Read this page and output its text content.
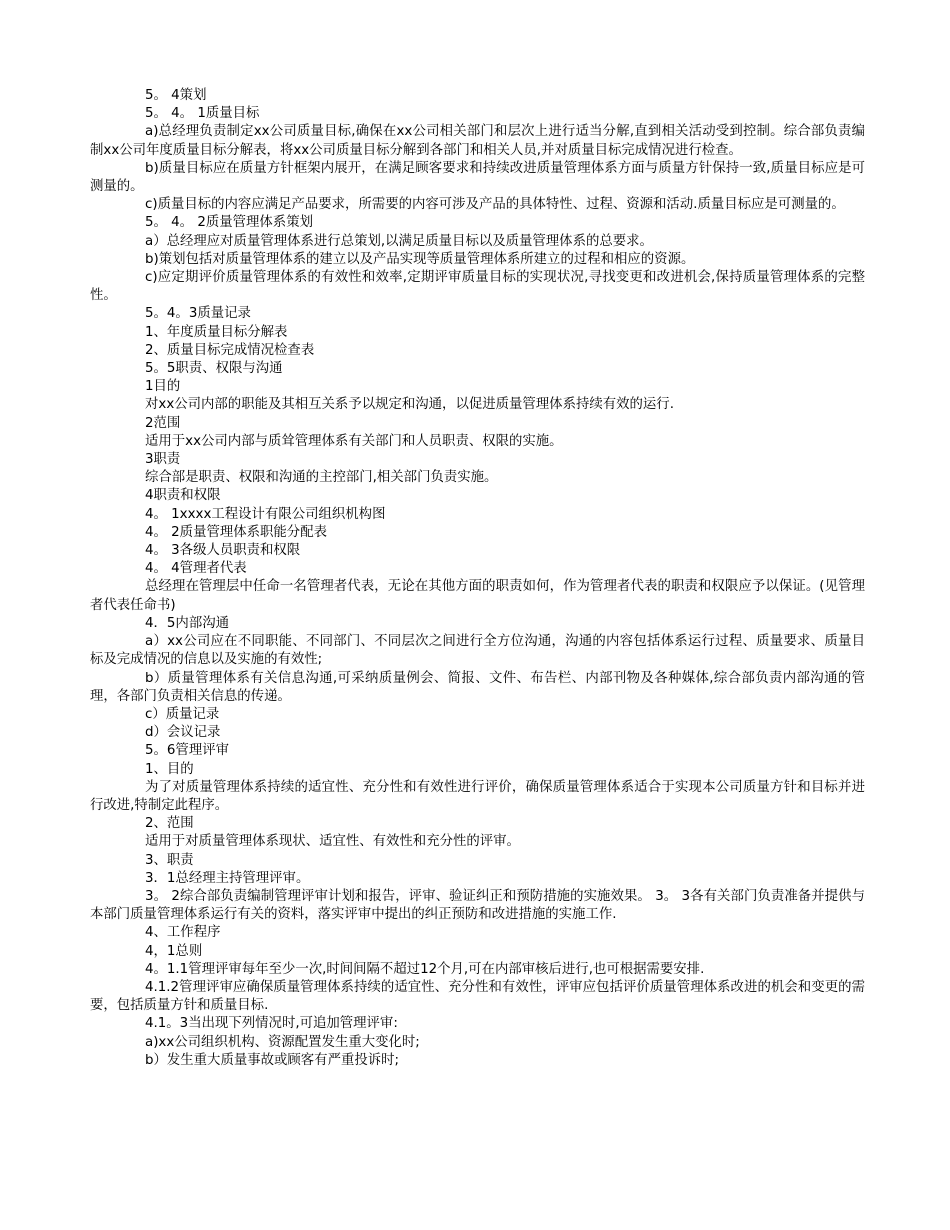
5。 4策划

5。 4。 1质量目标

a)总经理负责制定xx公司质量目标,确保在xx公司相关部门和层次上进行适当分解,直到相关活动受到控制。综合部负责编制xx公司年度质量目标分解表，将xx公司质量目标分解到各部门和相关人员,并对质量目标完成情况进行检查。

b)质量目标应在质量方针框架内展开，在满足顾客要求和持续改进质量管理体系方面与质量方针保持一致,质量目标应是可测量的。

c)质量目标的内容应满足产品要求，所需要的内容可涉及产品的具体特性、过程、资源和活动.质量目标应是可测量的。

5。 4。 2质量管理体系策划

a）总经理应对质量管理体系进行总策划,以满足质量目标以及质量管理体系的总要求。

b)策划包括对质量管理体系的建立以及产品实现等质量管理体系所建立的过程和相应的资源。

c)应定期评价质量管理体系的有效性和效率,定期评审质量目标的实现状况,寻找变更和改进机会,保持质量管理体系的完整性。

5。4。3质量记录

1、年度质量目标分解表

2、质量目标完成情况检查表

5。5职责、权限与沟通

1目的

对xx公司内部的职能及其相互关系予以规定和沟通，以促进质量管理体系持续有效的运行.

2范围

适用于xx公司内部与质耸管理体系有关部门和人员职责、权限的实施。

3职责

综合部是职责、权限和沟通的主控部门,相关部门负责实施。

4职责和权限

4。 1xxxx工程设计有限公司组织机构图

4。 2质量管理体系职能分配表

4。 3各级人员职责和权限

4。 4管理者代表

总经理在管理层中任命一名管理者代表，无论在其他方面的职责如何，作为管理者代表的职责和权限应予以保证。(见管理者代表任命书)

4．5内部沟通

a）xx公司应在不同职能、不同部门、不同层次之间进行全方位沟通，沟通的内容包括体系运行过程、质量要求、质量目标及完成情况的信息以及实施的有效性;

b）质量管理体系有关信息沟通,可采纳质量例会、简报、文件、布告栏、内部刊物及各种媒体,综合部负责内部沟通的管理，各部门负责相关信息的传递。

c）质量记录

d）会议记录

5。6管理评审

1、目的

为了对质量管理体系持续的适宜性、充分性和有效性进行评价，确保质量管理体系适合于实现本公司质量方针和目标并进行改进,特制定此程序。

2、范围

适用于对质量管理体系现状、适宜性、有效性和充分性的评审。

3、职责

3．1总经理主持管理评审。

3。 2综合部负责编制管理评审计划和报告，评审、验证纠正和预防措施的实施效果。 3。 3各有关部门负责准备并提供与本部门质量管理体系运行有关的资料，落实评审中提出的纠正预防和改进措施的实施工作.

4、工作程序

4，1总则

4。1.1管理评审每年至少一次,时间间隔不超过12个月,可在内部审核后进行,也可根据需要安排.

4.1.2管理评审应确保质量管理体系持续的适宜性、充分性和有效性，评审应包括评价质量管理体系改进的机会和变更的需要，包括质量方针和质量目标.

4.1。3当出现下列情况时,可追加管理评审:

a)xx公司组织机构、资源配置发生重大变化时;

b）发生重大质量事故或顾客有严重投诉时;
